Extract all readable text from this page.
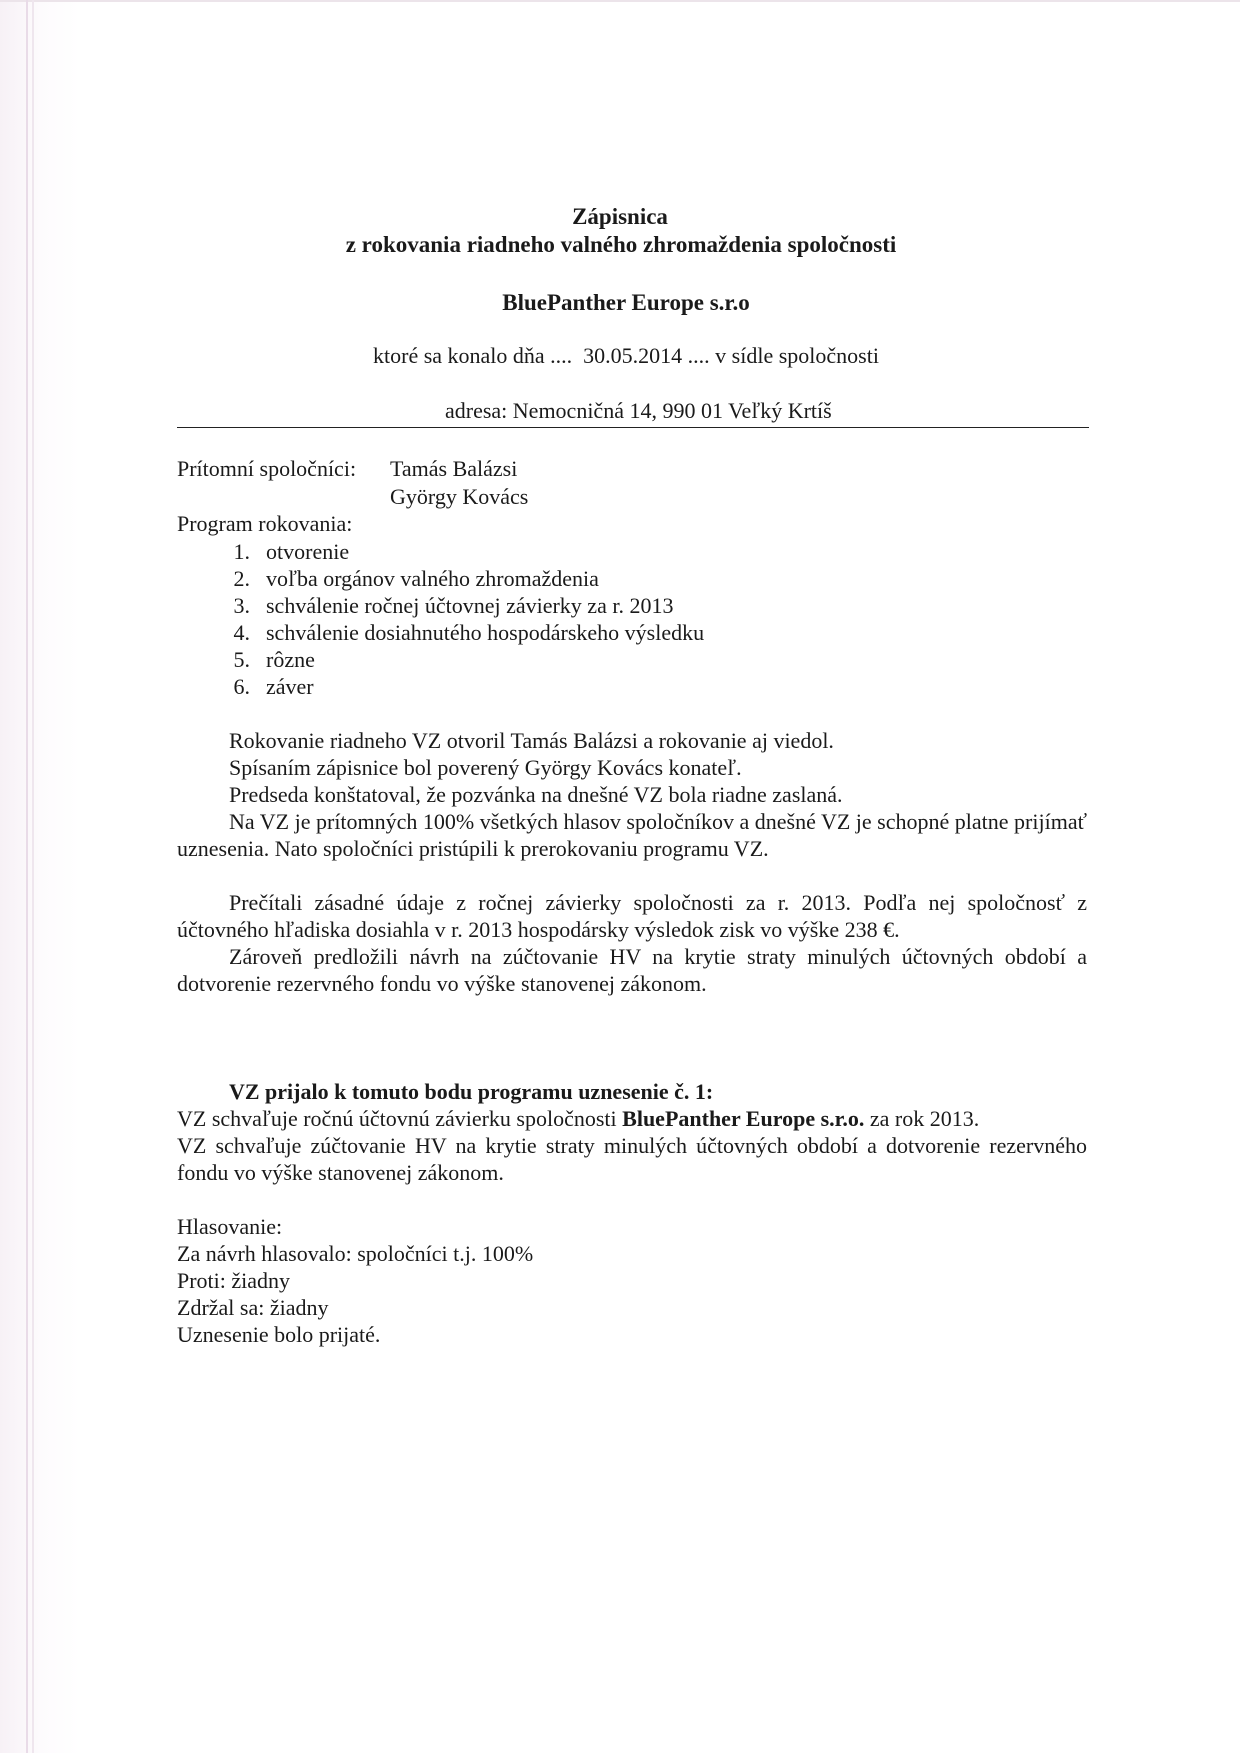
Zápisnica
z rokovania riadneho valného zhromaždenia spoločnosti
BluePanther Europe s.r.o
ktoré sa konalo dňa ....  30.05.2014 .... v sídle spoločnosti
adresa: Nemocničná 14, 990 01 Veľký Krtíš
Prítomní spoločníci: Tamás Balázsi
György Kovács
Program rokovania:
1. otvorenie
2. voľba orgánov valného zhromaždenia
3. schválenie ročnej účtovnej závierky za r. 2013
4. schválenie dosiahnutého hospodárskeho výsledku
5. rôzne
6. záver
Rokovanie riadneho VZ otvoril Tamás Balázsi a rokovanie aj viedol.
Spísaním zápisnice bol poverený György Kovács konateľ.
Predseda konštatoval, že pozvánka na dnešné VZ bola riadne zaslaná.
Na VZ je prítomných 100% všetkých hlasov spoločníkov a dnešné VZ je schopné platne prijímať uznesenia. Nato spoločníci pristúpili k prerokovaniu programu VZ.
Prečítali zásadné údaje z ročnej závierky spoločnosti za r. 2013. Podľa nej spoločnosť z účtovného hľadiska dosiahla v r. 2013 hospodársky výsledok zisk vo výške 238 €.
Zároveň predložili návrh na zúčtovanie HV na krytie straty minulých účtovných období a dotvorenie rezervného fondu vo výške stanovenej zákonom.
VZ prijalo k tomuto bodu programu uznesenie č. 1:
VZ schvaľuje ročnú účtovnú závierku spoločnosti BluePanther Europe s.r.o. za rok 2013.
VZ schvaľuje zúčtovanie HV na krytie straty minulých účtovných období a dotvorenie rezervného fondu vo výške stanovenej zákonom.
Hlasovanie:
Za návrh hlasovalo: spoločníci t.j. 100%
Proti: žiadny
Zdržal sa: žiadny
Uznesenie bolo prijaté.
